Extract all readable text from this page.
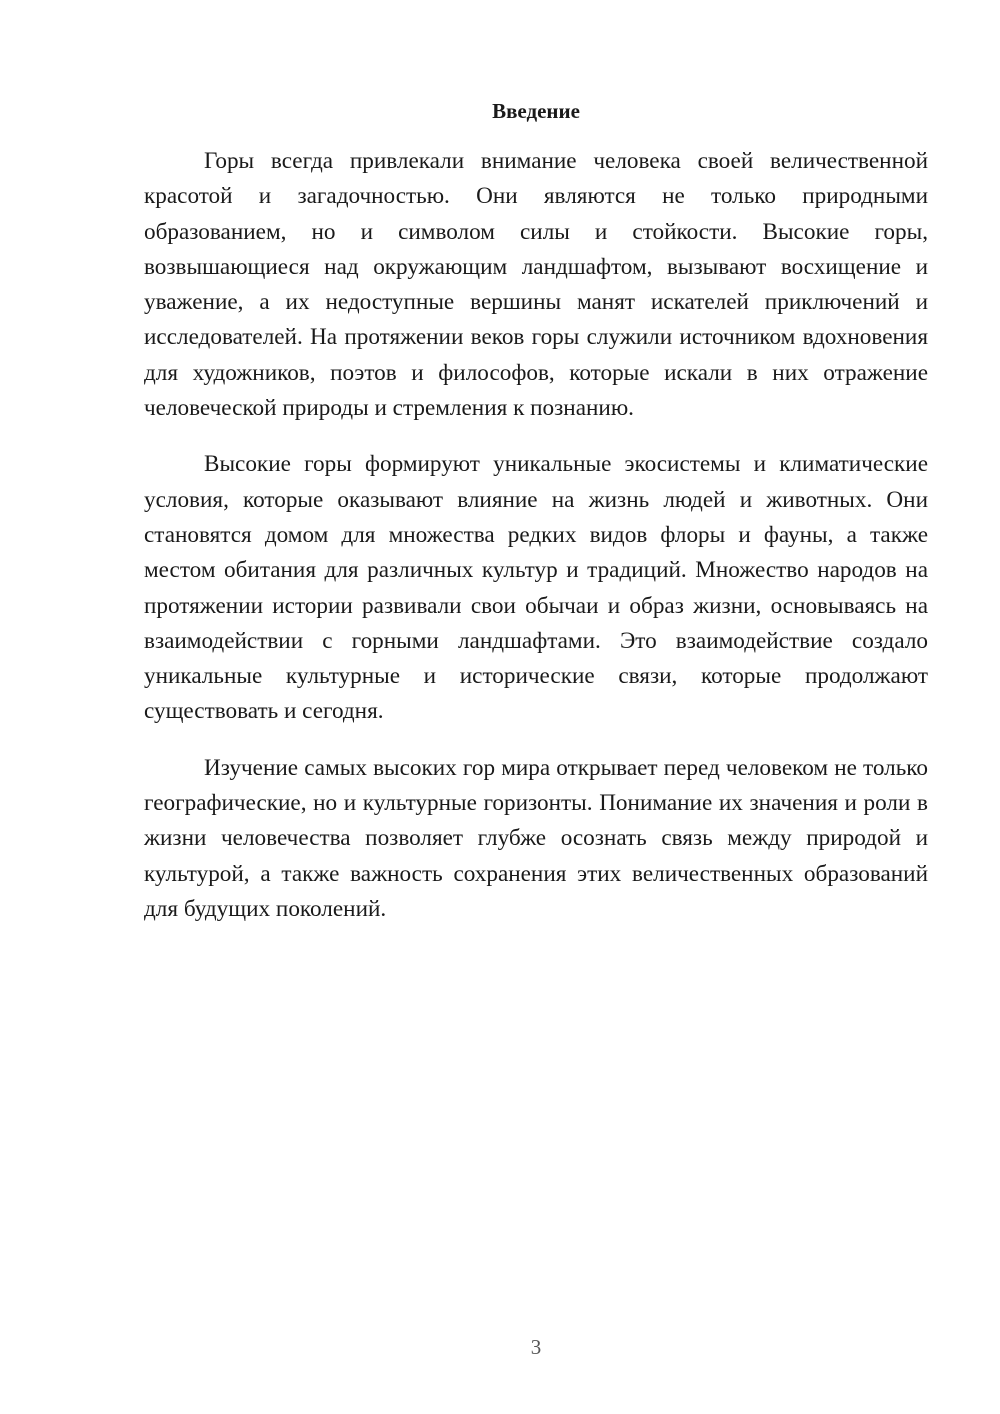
Введение

Горы всегда привлекали внимание человека своей величественной красотой и загадочностью. Они являются не только природными образованием, но и символом силы и стойкости. Высокие горы, возвышающиеся над окружающим ландшафтом, вызывают восхищение и уважение, а их недоступные вершины манят искателей приключений и исследователей. На протяжении веков горы служили источником вдохновения для художников, поэтов и философов, которые искали в них отражение человеческой природы и стремления к познанию.

Высокие горы формируют уникальные экосистемы и климатические условия, которые оказывают влияние на жизнь людей и животных. Они становятся домом для множества редких видов флоры и фауны, а также местом обитания для различных культур и традиций. Множество народов на протяжении истории развивали свои обычаи и образ жизни, основываясь на взаимодействии с горными ландшафтами. Это взаимодействие создало уникальные культурные и исторические связи, которые продолжают существовать и сегодня.

Изучение самых высоких гор мира открывает перед человеком не только географические, но и культурные горизонты. Понимание их значения и роли в жизни человечества позволяет глубже осознать связь между природой и культурой, а также важность сохранения этих величественных образований для будущих поколений.

3
